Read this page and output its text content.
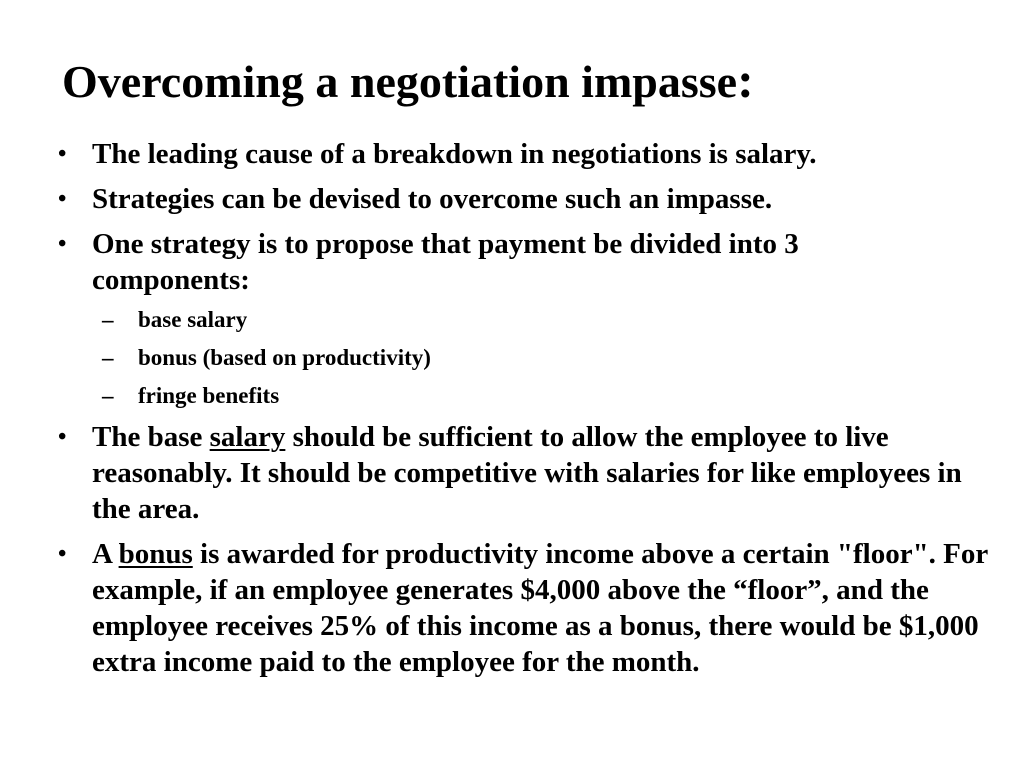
Overcoming a negotiation impasse:
• The leading cause of a breakdown in negotiations is salary.
• Strategies can be devised to overcome such an impasse.
• One strategy is to propose that payment be divided into 3 components:
– base salary
– bonus (based on productivity)
– fringe benefits
• The base salary should be sufficient to allow the employee to live reasonably. It should be competitive with salaries for like employees in the area.
• A bonus is awarded for productivity income above a certain "floor". For example, if an employee generates $4,000 above the “floor”, and the employee receives 25% of this income as a bonus, there would be $1,000 extra income paid to the employee for the month.
